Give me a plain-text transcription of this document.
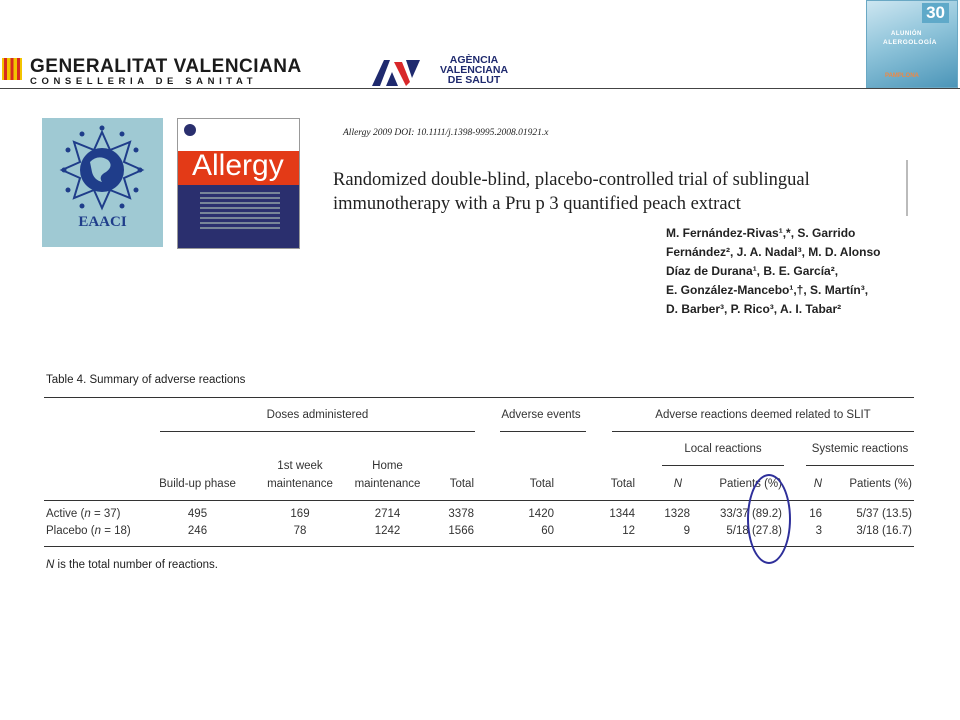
GENERALITAT VALENCIANA
CONSELLERIA DE SANITAT
AGÈNCIA
VALENCIANA
DE SALUT
30
ALUNIÓN
ALERGOLOGÍA
PAMPLONA
EAACI
Allergy
Allergy 2009 DOI: 10.1111/j.1398-9995.2008.01921.x
Randomized double-blind, placebo-controlled trial of sublingual immunotherapy with a Pru p 3 quantified peach extract
M. Fernández-Rivas¹,*, S. Garrido
Fernández², J. A. Nadal³, M. D. Alonso
Díaz de Durana¹, B. E. García²,
E. González-Mancebo¹,†, S. Martín³,
D. Barber³, P. Rico³, A. I. Tabar²
Table 4. Summary of adverse reactions
Doses administered	Adverse events	Adverse reactions deemed related to SLIT
Local reactions	Systemic reactions
1st week	Home
Build-up phase	maintenance	maintenance	Total	Total	Total	N	Patients (%)	N	Patients (%)
Active (n = 37)	495	169	2714	3378	1420	1344	1328	33/37 (89.2)	16	5/37 (13.5)
Placebo (n = 18)	246	78	1242	1566	60	12	9	5/18 (27.8)	3	3/18 (16.7)
N is the total number of reactions.
